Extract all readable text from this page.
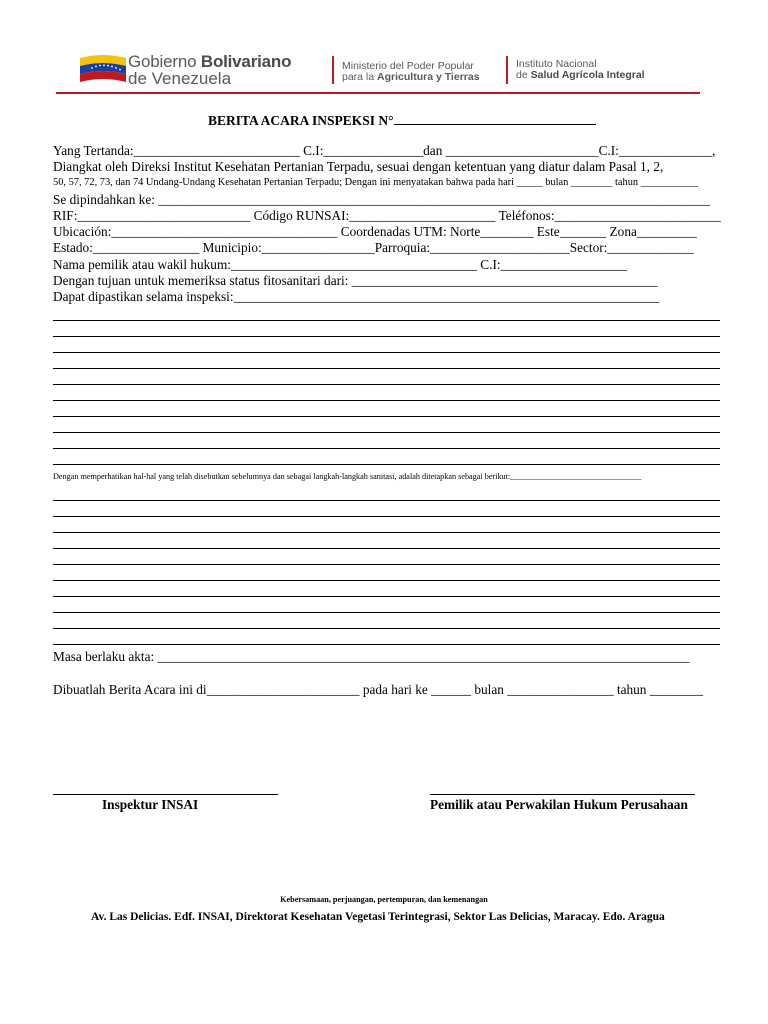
Gobierno Bolivariano
de Venezuela
Ministerio del Poder Popular
para la Agricultura y Tierras
Instituto Nacional
de Salud Agrícola Integral
BERITA ACARA INSPEKSI N°
Yang Tertanda:_________________________ C.I:_______________dan _______________________C.I:______________,
Diangkat oleh Direksi Institut Kesehatan Pertanian Terpadu, sesuai dengan ketentuan yang diatur dalam Pasal 1, 2,
50, 57, 72, 73, dan 74 Undang-Undang Kesehatan Pertanian Terpadu; Dengan ini menyatakan bahwa pada hari _____ bulan ________ tahun ___________
Se dipindahkan ke: ___________________________________________________________________________________
RIF:__________________________ Código RUNSAI:______________________ Teléfonos:_________________________
Ubicación:__________________________________ Coordenadas UTM: Norte________ Este_______ Zona_________
Estado:________________ Municipio:_________________Parroquia:_____________________Sector:_____________
Nama pemilik atau wakil hukum:_____________________________________ C.I:___________________
Dengan tujuan untuk memeriksa status fitosanitari dari: ______________________________________________
Dapat dipastikan selama inspeksi:________________________________________________________________
Dengan memperhatikan hal-hal yang telah disebutkan sebelumnya dan sebagai langkah-langkah sanitasi, adalah ditetapkan sebagai berikut:________________________________
Masa berlaku akta: ________________________________________________________________________________
Dibuatlah Berita Acara ini di_______________________ pada hari ke ______ bulan ________________ tahun ________
Inspektur INSAI	Pemilik atau Perwakilan Hukum Perusahaan
Kebersamaan, perjuangan, pertempuran, dan kemenangan
Av. Las Delicias. Edf. INSAI, Direktorat Kesehatan Vegetasi Terintegrasi, Sektor Las Delicias, Maracay. Edo. Aragua
